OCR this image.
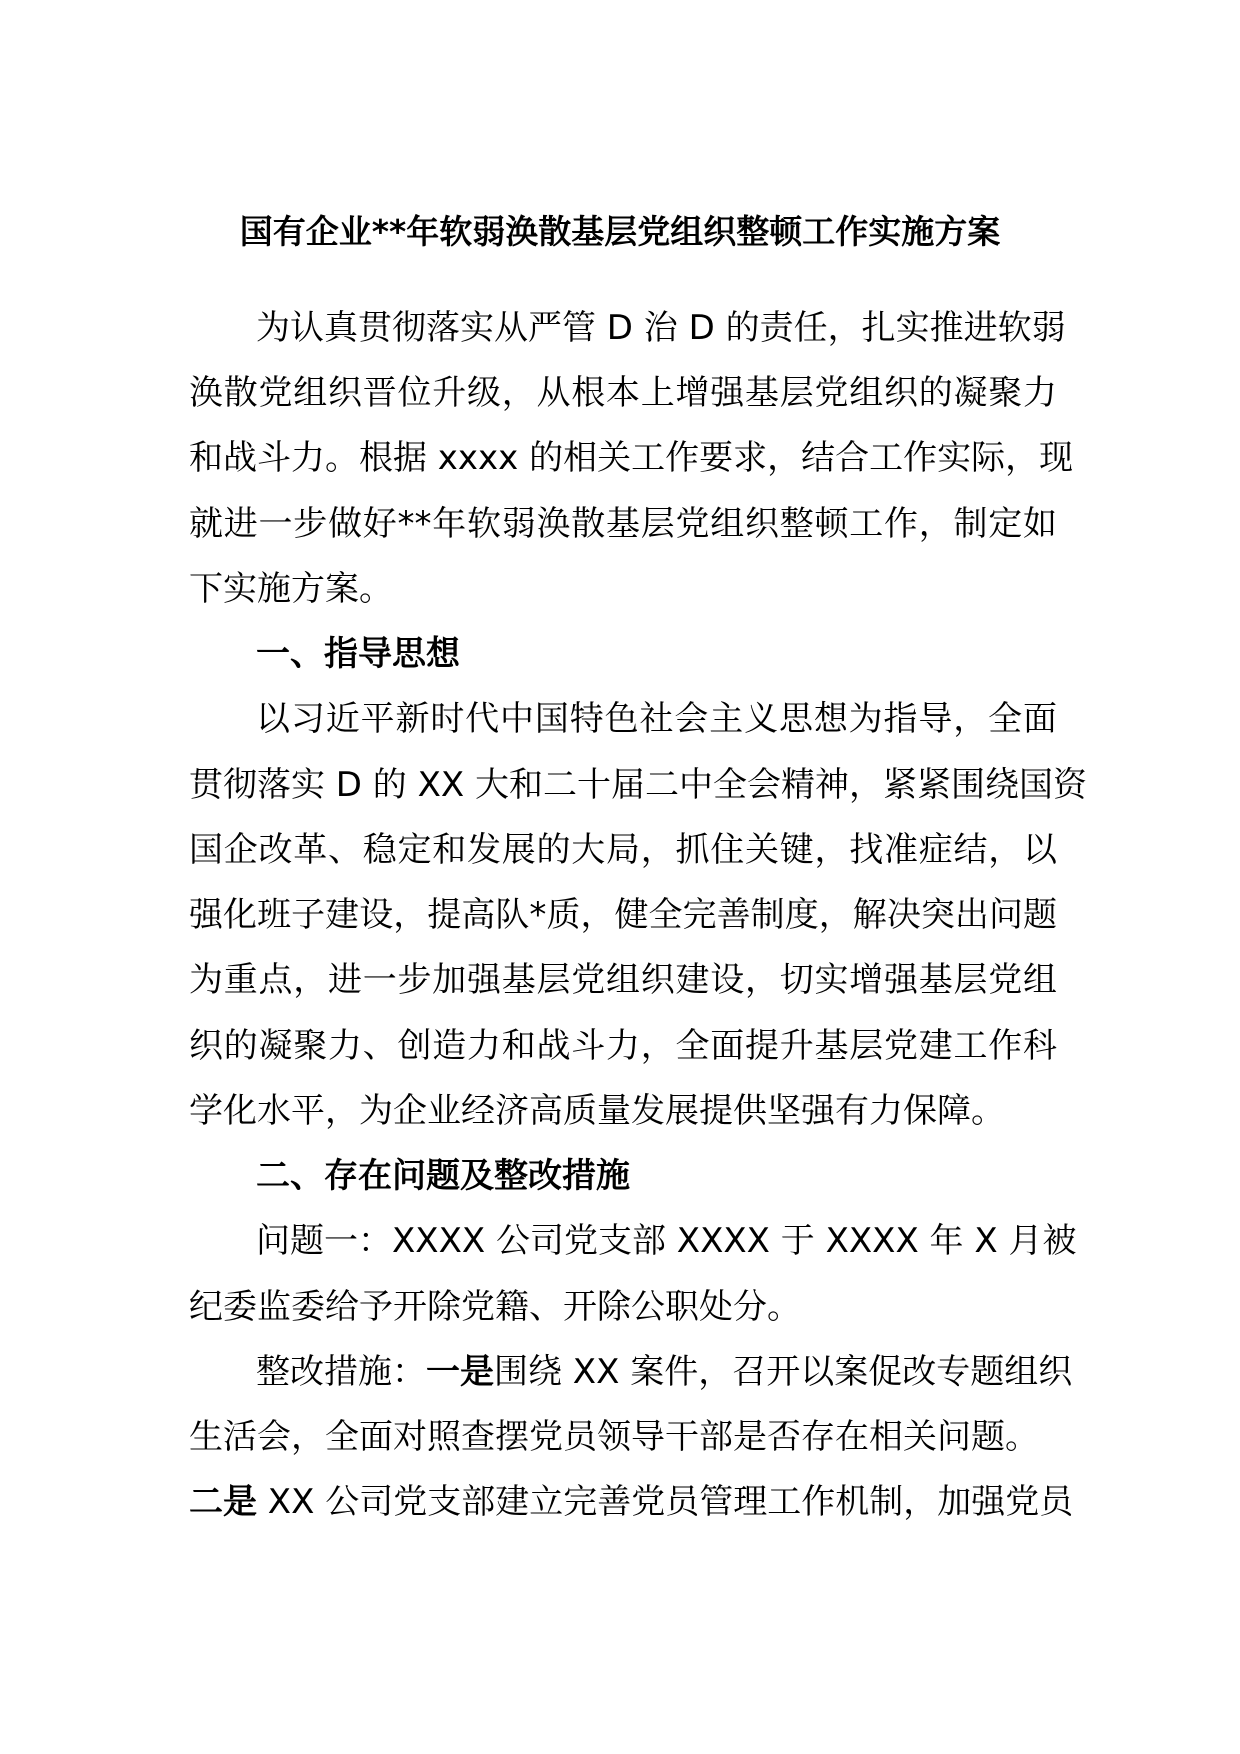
国有企业**年软弱涣散基层党组织整顿工作实施方案
为认真贯彻落实从严管 D 治 D 的责任，扎实推进软弱
涣散党组织晋位升级，从根本上增强基层党组织的凝聚力
和战斗力。根据 xxxx 的相关工作要求，结合工作实际，现
就进一步做好**年软弱涣散基层党组织整顿工作，制定如
下实施方案。
一、指导思想
以习近平新时代中国特色社会主义思想为指导，全面
贯彻落实 D 的 XX 大和二十届二中全会精神，紧紧围绕国资
国企改革、稳定和发展的大局，抓住关键，找准症结，以
强化班子建设，提高队*质，健全完善制度，解决突出问题
为重点，进一步加强基层党组织建设，切实增强基层党组
织的凝聚力、创造力和战斗力，全面提升基层党建工作科
学化水平，为企业经济高质量发展提供坚强有力保障。
二、存在问题及整改措施
问题一：XXXX 公司党支部 XXXX 于 XXXX 年 X 月被
纪委监委给予开除党籍、开除公职处分。
整改措施：一是围绕 XX 案件，召开以案促改专题组织
生活会，全面对照查摆党员领导干部是否存在相关问题。
二是 XX 公司党支部建立完善党员管理工作机制，加强党员
